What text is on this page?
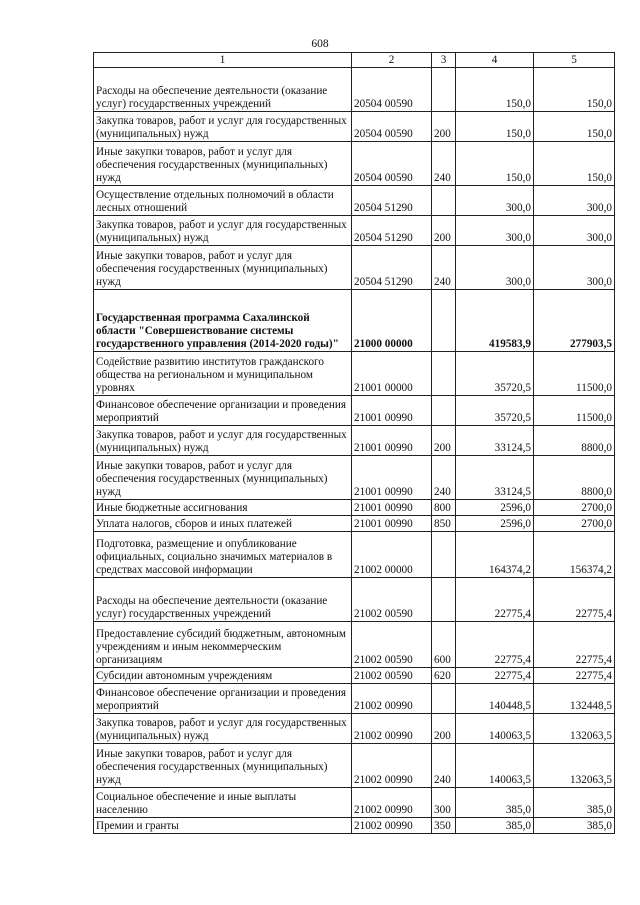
608
1	2	3	4	5
Расходы на обеспечение деятельности (оказание услуг) государственных учреждений	20504 00590		150,0	150,0
Закупка товаров, работ и услуг для государственных (муниципальных) нужд	20504 00590	200	150,0	150,0
Иные закупки товаров, работ и услуг для обеспечения государственных (муниципальных) нужд	20504 00590	240	150,0	150,0
Осуществление отдельных полномочий в области лесных отношений	20504 51290		300,0	300,0
Закупка товаров, работ и услуг для государственных (муниципальных) нужд	20504 51290	200	300,0	300,0
Иные закупки товаров, работ и услуг для обеспечения государственных (муниципальных) нужд	20504 51290	240	300,0	300,0
Государственная программа Сахалинской области "Совершенствование системы государственного управления (2014-2020 годы)"	21000 00000		419583,9	277903,5
Содействие развитию институтов гражданского общества на региональном и муниципальном уровнях	21001 00000		35720,5	11500,0
Финансовое обеспечение организации и проведения мероприятий	21001 00990		35720,5	11500,0
Закупка товаров, работ и услуг для государственных (муниципальных) нужд	21001 00990	200	33124,5	8800,0
Иные закупки товаров, работ и услуг для обеспечения государственных (муниципальных) нужд	21001 00990	240	33124,5	8800,0
Иные бюджетные ассигнования	21001 00990	800	2596,0	2700,0
Уплата налогов, сборов и иных платежей	21001 00990	850	2596,0	2700,0
Подготовка, размещение и опубликование официальных, социально значимых материалов в средствах массовой информации	21002 00000		164374,2	156374,2
Расходы на обеспечение деятельности (оказание услуг) государственных учреждений	21002 00590		22775,4	22775,4
Предоставление субсидий бюджетным, автономным учреждениям и иным некоммерческим организациям	21002 00590	600	22775,4	22775,4
Субсидии автономным учреждениям	21002 00590	620	22775,4	22775,4
Финансовое обеспечение организации и проведения мероприятий	21002 00990		140448,5	132448,5
Закупка товаров, работ и услуг для государственных (муниципальных) нужд	21002 00990	200	140063,5	132063,5
Иные закупки товаров, работ и услуг для обеспечения государственных (муниципальных) нужд	21002 00990	240	140063,5	132063,5
Социальное обеспечение и иные выплаты населению	21002 00990	300	385,0	385,0
Премии и гранты	21002 00990	350	385,0	385,0
